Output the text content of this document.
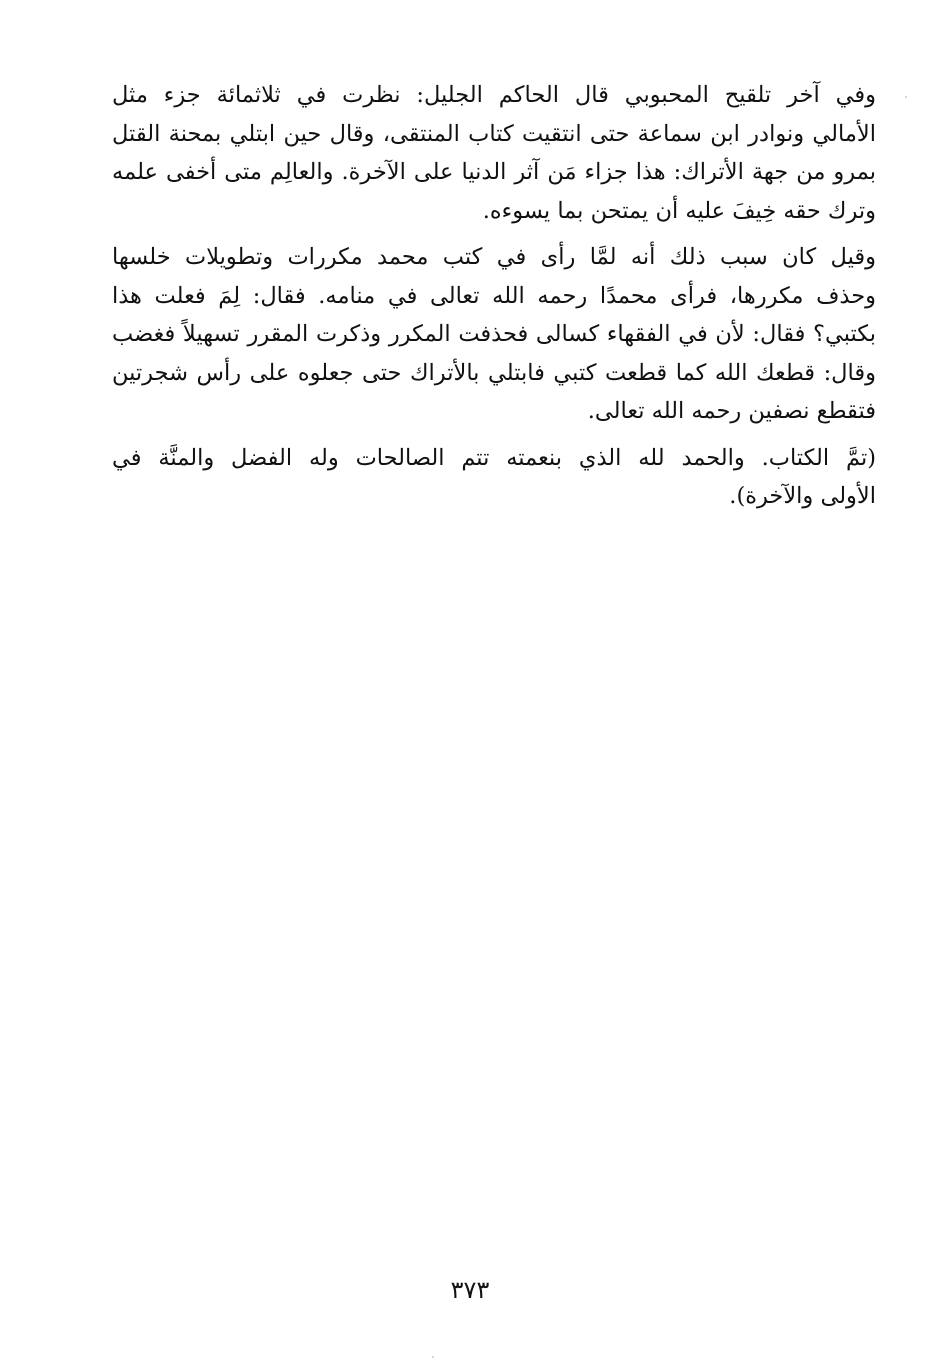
وفي آخر تلقيح المحبوبي قال الحاكم الجليل: نظرت في ثلاثمائة جزء مثل
الأمالي ونوادر ابن سماعة حتى انتقيت كتاب المنتقى، وقال حين ابتلي بمحنة القتل
بمرو من جهة الأتراك: هذا جزاء مَن آثر الدنيا على الآخرة. والعالِم متى أخفى علمه
وترك حقه خِيفَ عليه أن يمتحن بما يسوءه.

وقيل كان سبب ذلك أنه لمَّا رأى في كتب محمد مكررات وتطويلات خلسها
وحذف مكررها، فرأى محمدًا رحمه الله تعالى في منامه. فقال: لِمَ فعلت هذا
بكتبي؟ فقال: لأن في الفقهاء كسالى فحذفت المكرر وذكرت المقرر تسهيلاً فغضب
وقال: قطعك الله كما قطعت كتبي فابتلي بالأتراك حتى جعلوه على رأس شجرتين
فتقطع نصفين رحمه الله تعالى.

(تمَّ الكتاب. والحمد لله الذي بنعمته تتم الصالحات وله الفضل والمنَّة في
الأولى والآخرة).

٣٧٣
